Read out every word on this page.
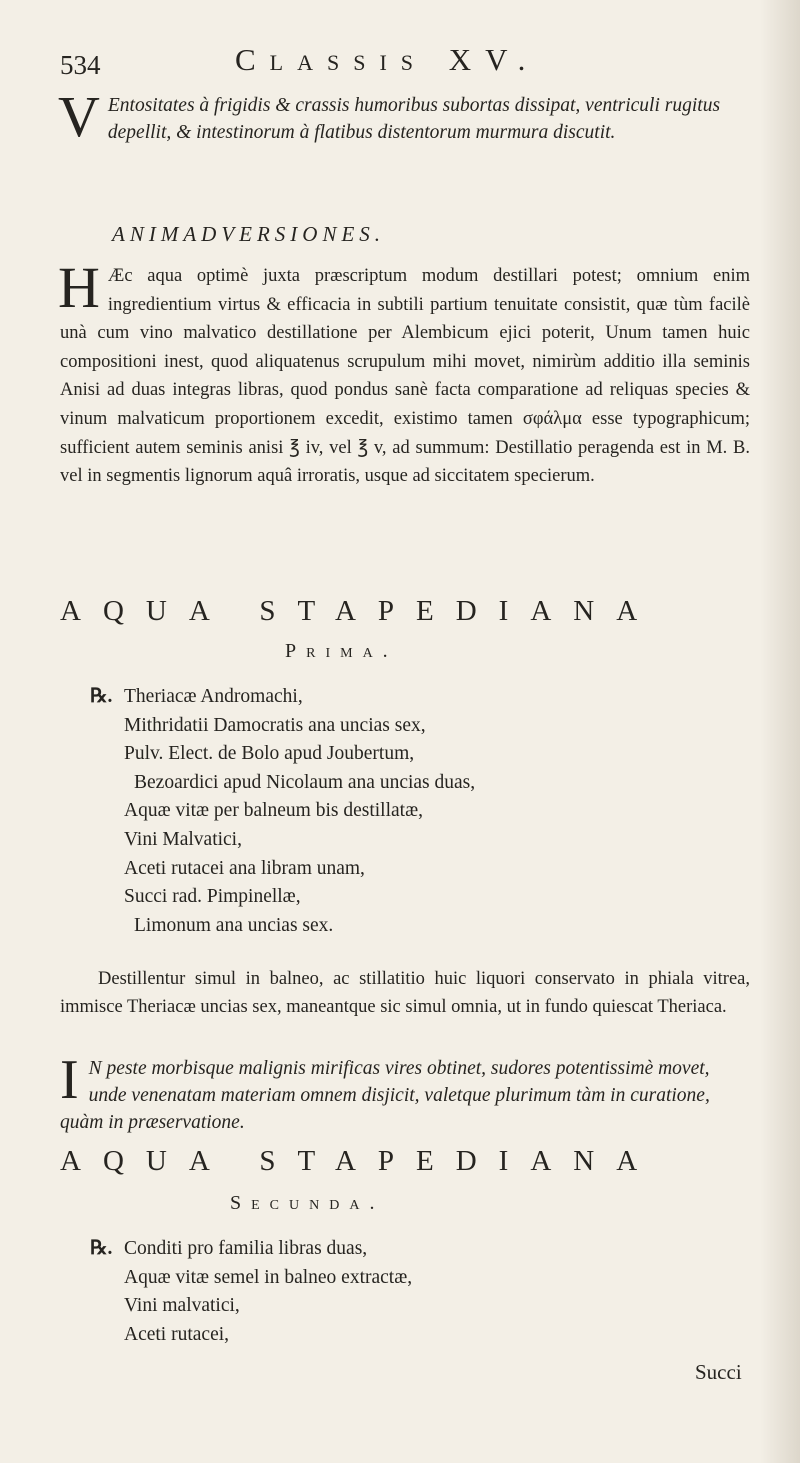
534	Classis XV.
V Entositates à frigidis & crassis humoribus subortas dissipat, ventriculi rugitus depellit, & intestinorum à flatibus distentorum murmura discutit.
ANIMADVERSIONES.
H Æc aqua optimè juxta præscriptum modum destillari potest; omnium enim ingredientium virtus & efficacia in subtili partium tenuitate consistit, quæ tùm facilè unà cum vino malvatico destillatione per Alembicum ejici poterit, Unum tamen huic compositioni inest, quod aliquatenus scrupulum mihi movet, nimirùm additio illa seminis Anisi ad duas integras libras, quod pondus sanè facta comparatione ad reliquas species & vinum malvaticum proportionem excedit, existimo tamen σφάλμα esse typographicum; sufficient autem seminis anisi ℥ iv, vel ℥ v, ad summum: Destillatio peragenda est in M. B. vel in segmentis lignorum aquâ irroratis, usque ad siccitatem specierum.
AQUA STAPEDIANA
Prima.
℞. Theriacæ Andromachi,
Mithridatii Damocratis ana uncias sex,
Pulv. Elect. de Bolo apud Joubertum,
Bezoardici apud Nicolaum ana uncias duas,
Aquæ vitæ per balneum bis destillatæ,
Vini Malvatici,
Aceti rutacei ana libram unam,
Succi rad. Pimpinellæ,
Limonum ana uncias sex.
Destillentur simul in balneo, ac stillatitio huic liquori conservato in phiala vitrea, immisce Theriacæ uncias sex, maneantque sic simul omnia, ut in fundo quiescat Theriaca.
I N peste morbisque malignis mirificas vires obtinet, sudores potentissimè movet, unde venenatam materiam omnem disjicit, valetque plurimum tàm in curatione, quàm in præservatione.
AQUA STAPEDIANA
Secunda.
℞. Conditi pro familia libras duas,
Aquæ vitæ semel in balneo extractæ,
Vini malvatici,
Aceti rutacei,
Succi
